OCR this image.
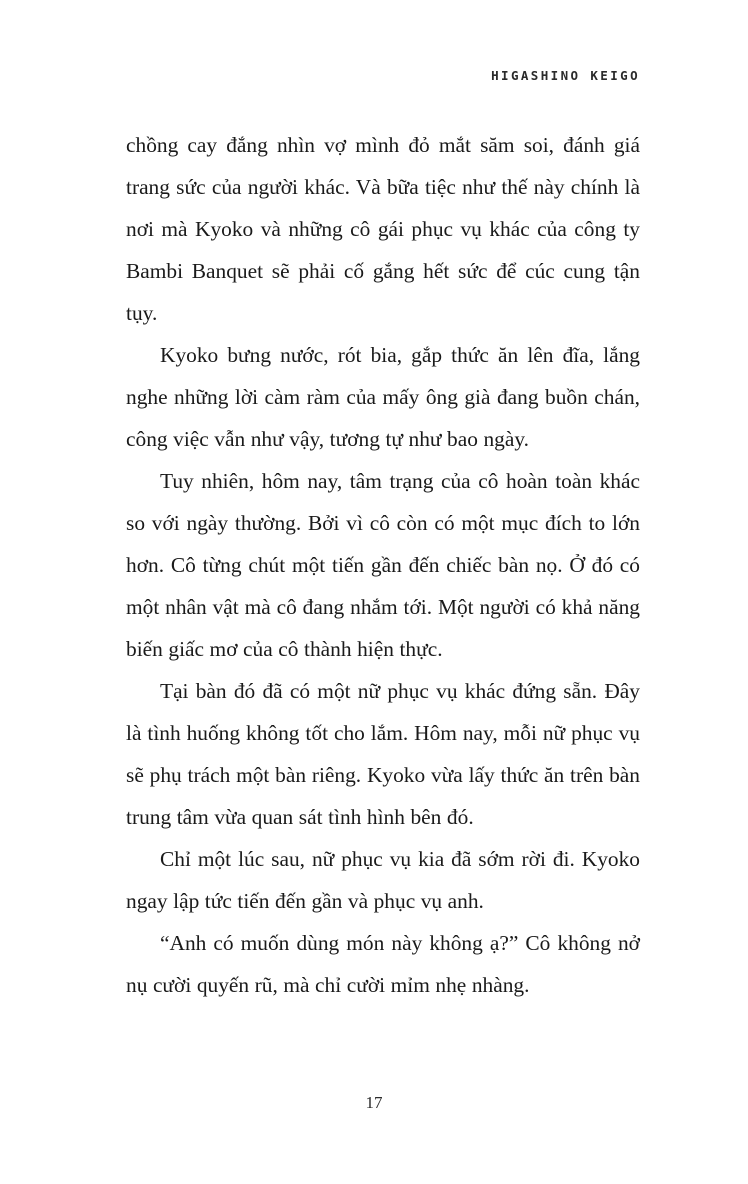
HIGASHINO KEIGO

chồng cay đắng nhìn vợ mình đỏ mắt săm soi, đánh giá trang sức của người khác. Và bữa tiệc như thế này chính là nơi mà Kyoko và những cô gái phục vụ khác của công ty Bambi Banquet sẽ phải cố gắng hết sức để cúc cung tận tụy.

Kyoko bưng nước, rót bia, gắp thức ăn lên đĩa, lắng nghe những lời càm ràm của mấy ông già đang buồn chán, công việc vẫn như vậy, tương tự như bao ngày.

Tuy nhiên, hôm nay, tâm trạng của cô hoàn toàn khác so với ngày thường. Bởi vì cô còn có một mục đích to lớn hơn. Cô từng chút một tiến gần đến chiếc bàn nọ. Ở đó có một nhân vật mà cô đang nhắm tới. Một người có khả năng biến giấc mơ của cô thành hiện thực.

Tại bàn đó đã có một nữ phục vụ khác đứng sẵn. Đây là tình huống không tốt cho lắm. Hôm nay, mỗi nữ phục vụ sẽ phụ trách một bàn riêng. Kyoko vừa lấy thức ăn trên bàn trung tâm vừa quan sát tình hình bên đó.

Chỉ một lúc sau, nữ phục vụ kia đã sớm rời đi. Kyoko ngay lập tức tiến đến gần và phục vụ anh.

“Anh có muốn dùng món này không ạ?” Cô không nở nụ cười quyến rũ, mà chỉ cười mỉm nhẹ nhàng.

17
